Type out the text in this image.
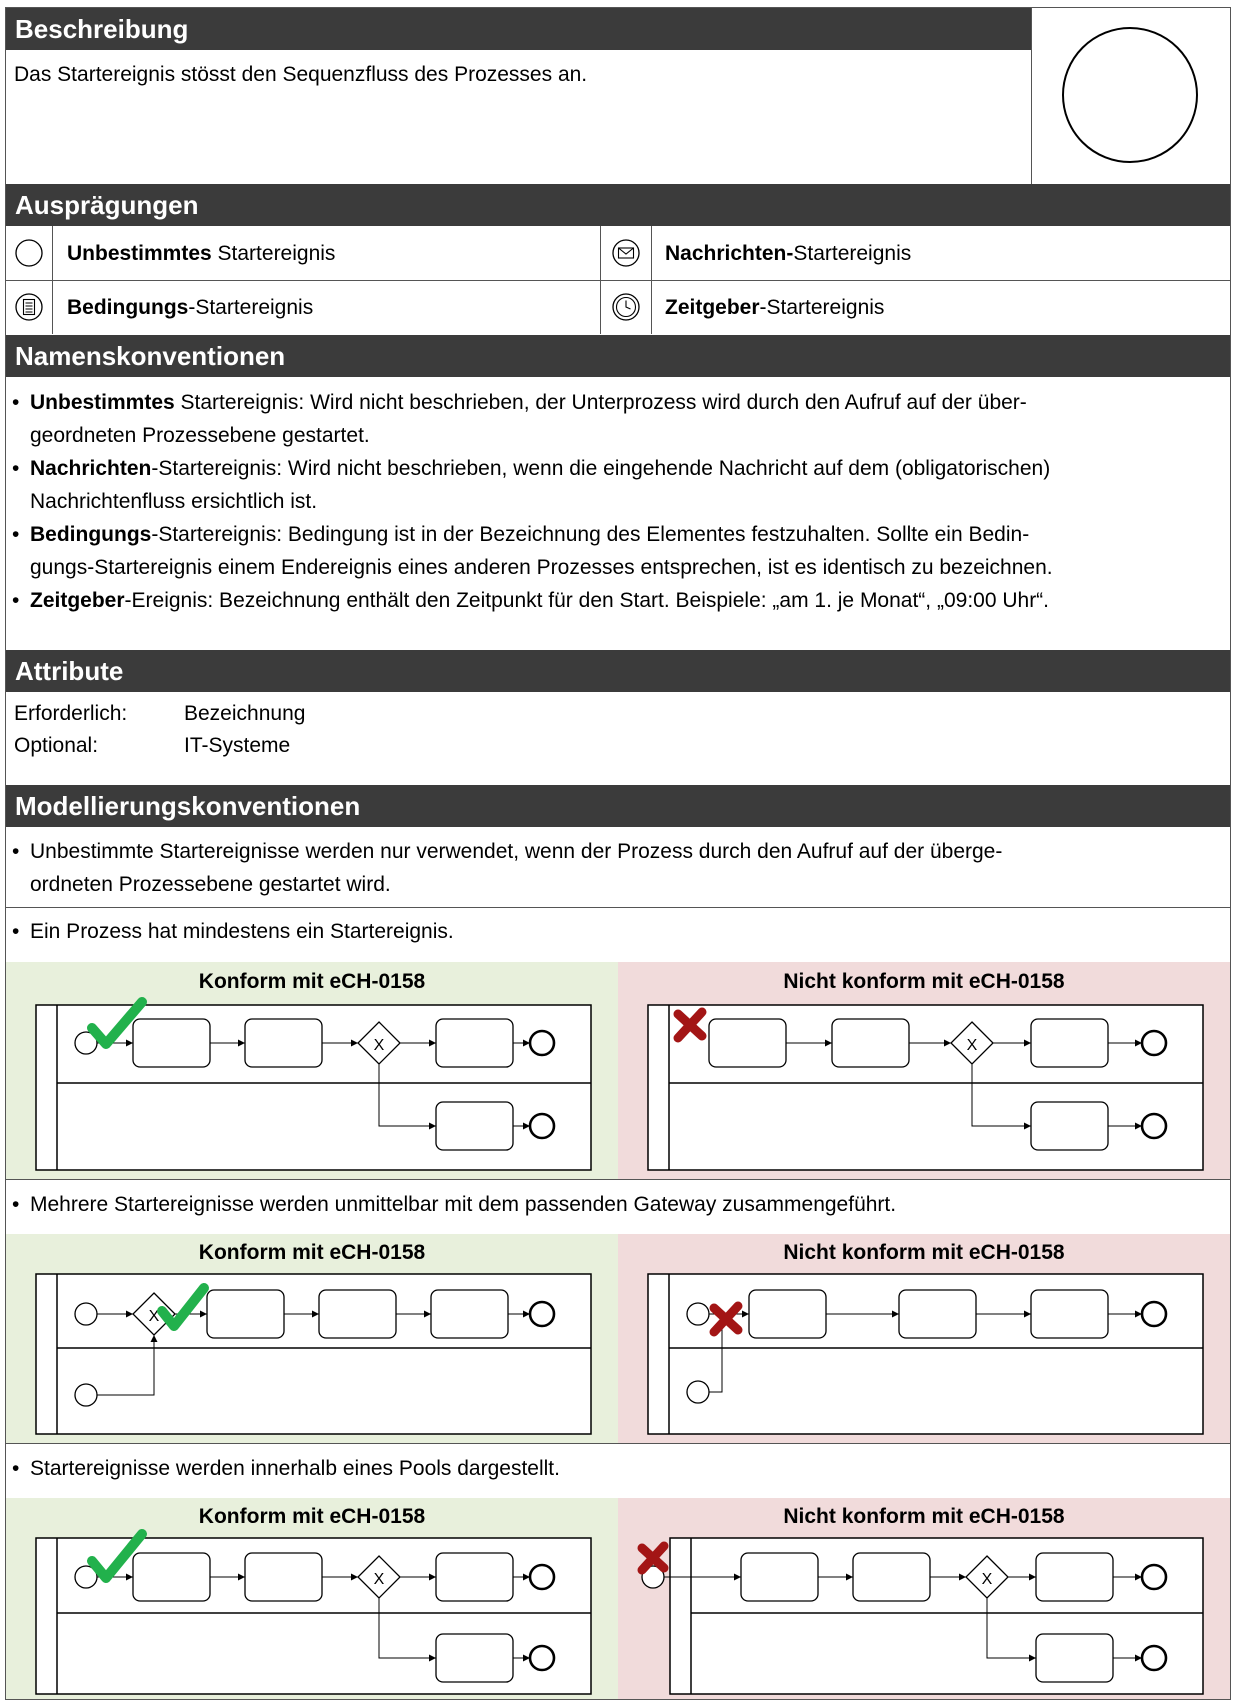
Beschreibung
Das Startereignis stösst den Sequenzfluss des Prozesses an.
Ausprägungen
Unbestimmtes Startereignis	Nachrichten-Startereignis
Bedingungs-Startereignis	Zeitgeber-Startereignis
Namenskonventionen
• Unbestimmtes Startereignis: Wird nicht beschrieben, der Unterprozess wird durch den Aufruf auf der über-
geordneten Prozessebene gestartet.
• Nachrichten-Startereignis: Wird nicht beschrieben, wenn die eingehende Nachricht auf dem (obligatorischen)
Nachrichtenfluss ersichtlich ist.
• Bedingungs-Startereignis: Bedingung ist in der Bezeichnung des Elementes festzuhalten. Sollte ein Bedin-
gungs-Startereignis einem Endereignis eines anderen Prozesses entsprechen, ist es identisch zu bezeichnen.
• Zeitgeber-Ereignis: Bezeichnung enthält den Zeitpunkt für den Start. Beispiele: „am 1. je Monat“, „09:00 Uhr“.
Attribute
Erforderlich:	Bezeichnung
Optional:	IT-Systeme
Modellierungskonventionen
• Unbestimmte Startereignisse werden nur verwendet, wenn der Prozess durch den Aufruf auf der überge-
ordneten Prozessebene gestartet wird.
• Ein Prozess hat mindestens ein Startereignis.
Konform mit eCH-0158	Nicht konform mit eCH-0158
• Mehrere Startereignisse werden unmittelbar mit dem passenden Gateway zusammengeführt.
Konform mit eCH-0158	Nicht konform mit eCH-0158
• Startereignisse werden innerhalb eines Pools dargestellt.
Konform mit eCH-0158	Nicht konform mit eCH-0158
X	X
X
X	X
